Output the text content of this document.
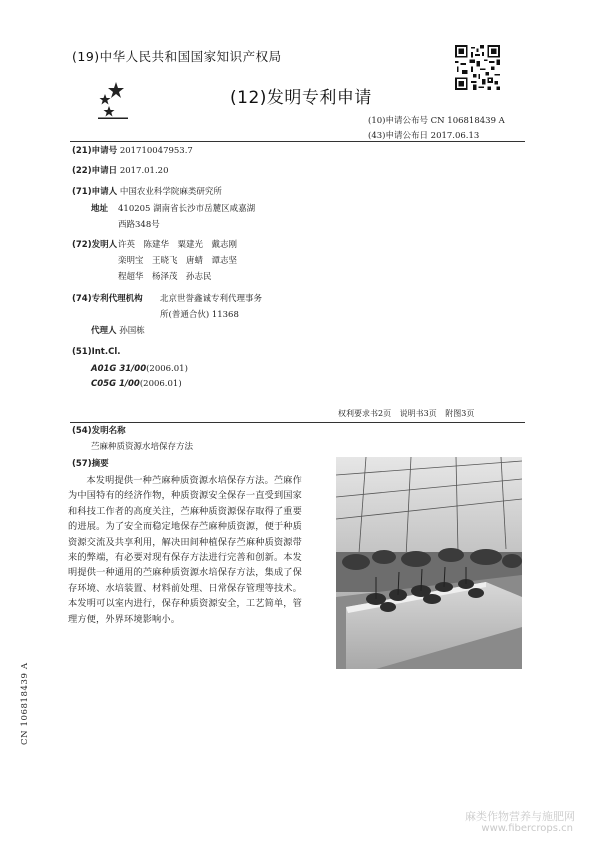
(19)中华人民共和国国家知识产权局
(12)发明专利申请
(10)申请公布号 CN 106818439 A
(43)申请公布日 2017.06.13
(21)申请号 201710047953.7
(22)申请日 2017.01.20
(71)申请人 中国农业科学院麻类研究所
地址 410205 湖南省长沙市岳麓区咸嘉湖
西路348号
(72)发明人 许英　陈建华　粟建光　戴志刚
栾明宝　王晓飞　唐蜻　谭志坚
程超华　杨泽茂　孙志民
(74)专利代理机构 北京世誉鑫诚专利代理事务
所(普通合伙) 11368
代理人 孙国栋
(51)Int.Cl.
A01G 31/00(2006.01)
C05G 1/00(2006.01)
权利要求书2页 说明书3页 附图3页
(54)发明名称
苎麻种质资源水培保存方法
(57)摘要
本发明提供一种苎麻种质资源水培保存方法。苎麻作为中国特有的经济作物，种质资源安全保存一直受到国家和科技工作者的高度关注，苎麻种质资源保存取得了重要的进展。为了安全而稳定地保存苎麻种质资源，便于种质资源交流及共享利用，解决田间种植保存苎麻种质资源带来的弊端，有必要对现有保存方法进行完善和创新。本发明提供一种通用的苎麻种质资源水培保存方法，集成了保存环境、水培装置、材料前处理、日常保存管理等技术。本发明可以室内进行，保存种质资源安全，工艺简单，管理方便，外界环境影响小。
CN 106818439 A
麻类作物营养与施肥网
www.fibercrops.cn
